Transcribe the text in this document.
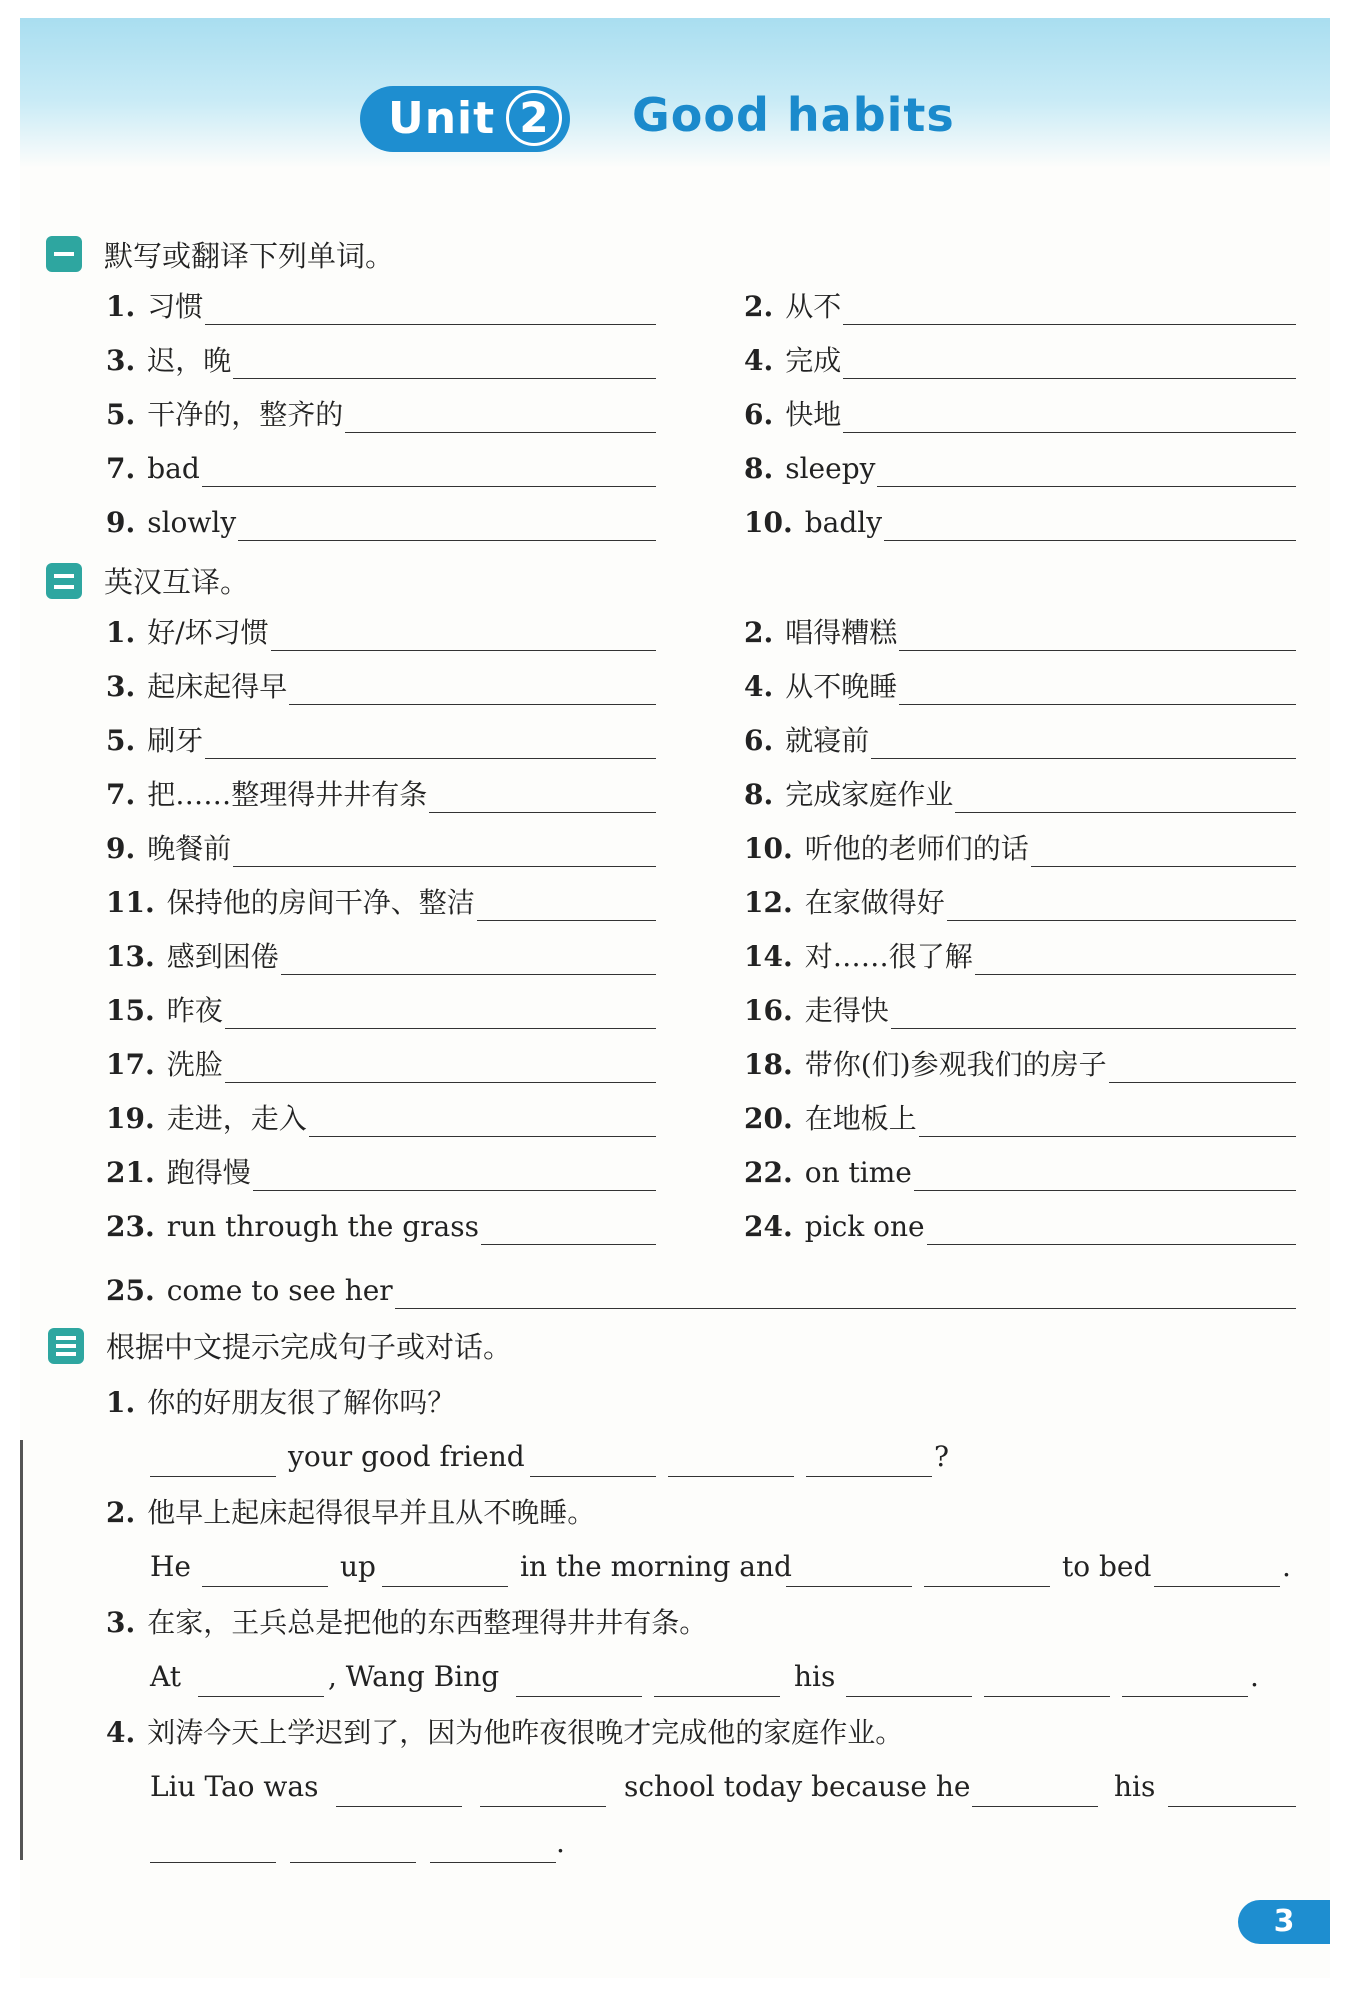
Unit 2 Good habits
默写或翻译下列单词。
1. 习惯	2. 从不
3. 迟，晚	4. 完成
5. 干净的，整齐的	6. 快地
7. bad	8. sleepy
9. slowly	10. badly
英汉互译。
1. 好/坏习惯	2. 唱得糟糕
3. 起床起得早	4. 从不晚睡
5. 刷牙	6. 就寝前
7. 把……整理得井井有条	8. 完成家庭作业
9. 晚餐前	10. 听他的老师们的话
11. 保持他的房间干净、整洁	12. 在家做得好
13. 感到困倦	14. 对……很了解
15. 昨夜	16. 走得快
17. 洗脸	18. 带你(们)参观我们的房子
19. 走进，走入	20. 在地板上
21. 跑得慢	22. on time
23. run through the grass	24. pick one
25. come to see her
根据中文提示完成句子或对话。
1. 你的好朋友很了解你吗？
your good friend	?
2. 他早上起床起得很早并且从不晚睡。
He	up	in the morning and	to bed	.
3. 在家，王兵总是把他的东西整理得井井有条。
At	, Wang Bing	his	.
4. 刘涛今天上学迟到了，因为他昨夜很晚才完成他的家庭作业。
Liu Tao was	school today because he	his
.
3
